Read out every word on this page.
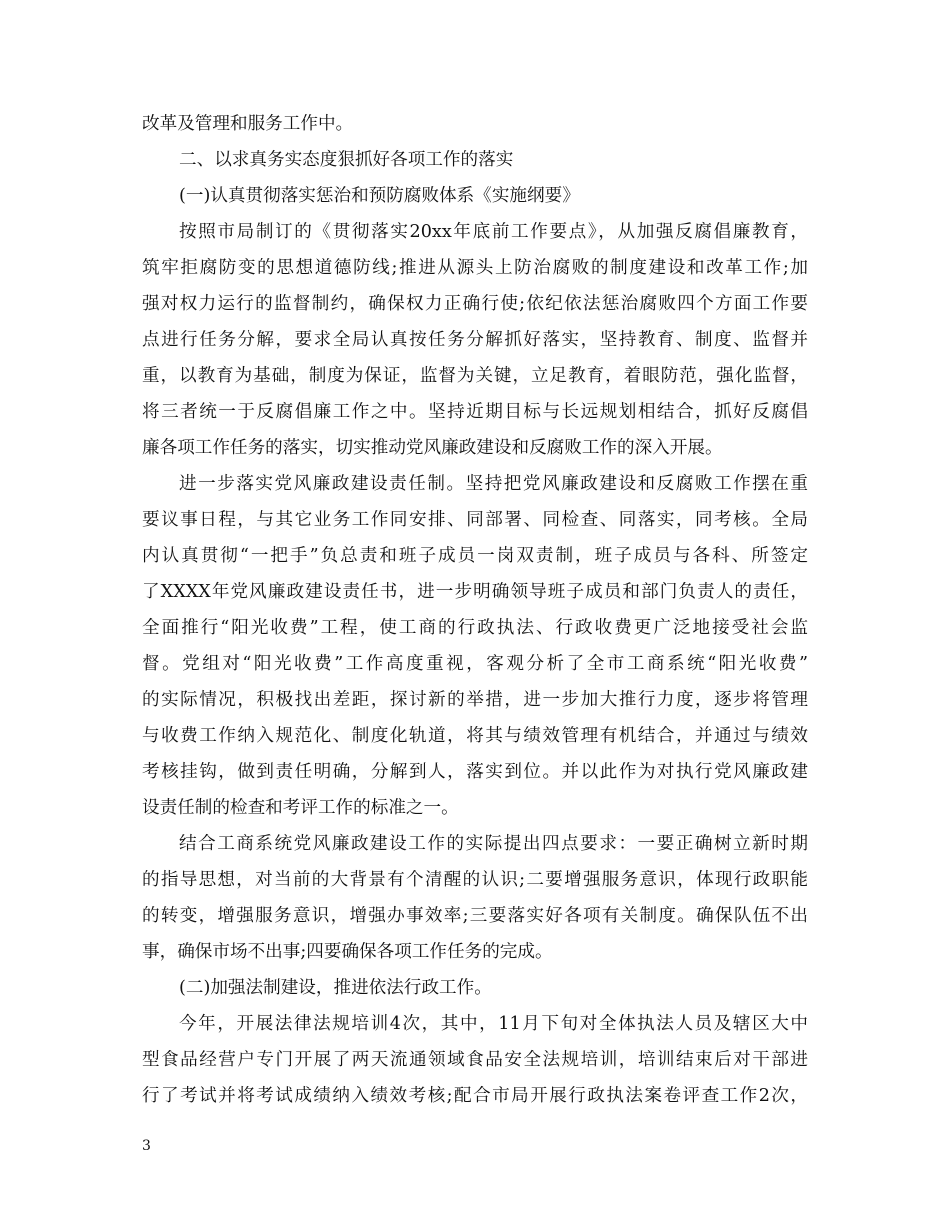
改革及管理和服务工作中。
二、以求真务实态度狠抓好各项工作的落实
(一)认真贯彻落实惩治和预防腐败体系《实施纲要》
按照市局制订的《贯彻落实20xx年底前工作要点》，从加强反腐倡廉教育，
筑牢拒腐防变的思想道德防线;推进从源头上防治腐败的制度建设和改革工作;加
强对权力运行的监督制约，确保权力正确行使;依纪依法惩治腐败四个方面工作要
点进行任务分解，要求全局认真按任务分解抓好落实，坚持教育、制度、监督并
重，以教育为基础，制度为保证，监督为关键，立足教育，着眼防范，强化监督，
将三者统一于反腐倡廉工作之中。坚持近期目标与长远规划相结合，抓好反腐倡
廉各项工作任务的落实，切实推动党风廉政建设和反腐败工作的深入开展。
进一步落实党风廉政建设责任制。坚持把党风廉政建设和反腐败工作摆在重
要议事日程，与其它业务工作同安排、同部署、同检查、同落实，同考核。全局
内认真贯彻“一把手”负总责和班子成员一岗双责制，班子成员与各科、所签定
了XXXX年党风廉政建设责任书，进一步明确领导班子成员和部门负责人的责任，
全面推行“阳光收费”工程，使工商的行政执法、行政收费更广泛地接受社会监
督。党组对“阳光收费”工作高度重视，客观分析了全市工商系统“阳光收费”
的实际情况，积极找出差距，探讨新的举措，进一步加大推行力度，逐步将管理
与收费工作纳入规范化、制度化轨道，将其与绩效管理有机结合，并通过与绩效
考核挂钩，做到责任明确，分解到人，落实到位。并以此作为对执行党风廉政建
设责任制的检查和考评工作的标准之一。
结合工商系统党风廉政建设工作的实际提出四点要求：一要正确树立新时期
的指导思想，对当前的大背景有个清醒的认识;二要增强服务意识，体现行政职能
的转变，增强服务意识，增强办事效率;三要落实好各项有关制度。确保队伍不出
事，确保市场不出事;四要确保各项工作任务的完成。
(二)加强法制建设，推进依法行政工作。
今年，开展法律法规培训4次，其中，11月下旬对全体执法人员及辖区大中
型食品经营户专门开展了两天流通领域食品安全法规培训，培训结束后对干部进
行了考试并将考试成绩纳入绩效考核;配合市局开展行政执法案卷评查工作2次，
3
